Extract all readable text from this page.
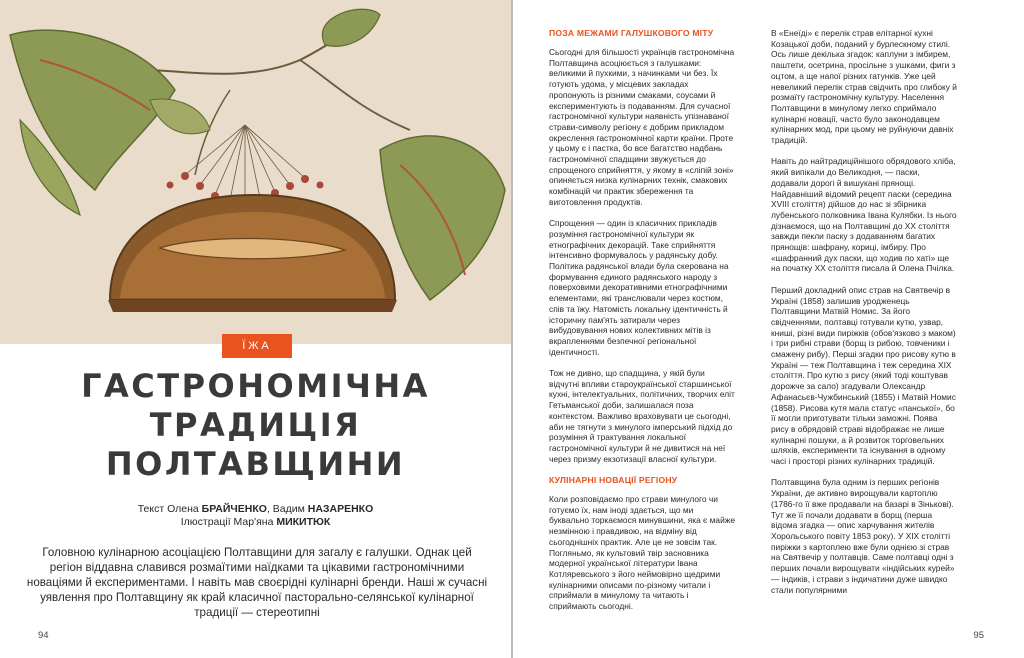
ЇЖА
ГАСТРОНОМІЧНА
ТРАДИЦІЯ
ПОЛТАВЩИНИ
Текст Олена БРАЙЧЕНКО, Вадим НАЗАРЕНКО
Ілюстрації Мар'яна МИКИТЮК

Головною кулінарною асоціацією Полтавщини для загалу є галушки. Однак цей регіон віддавна славився розмаїтими наїдками та цікавими гастрономічними новаціями й експериментами. І навіть мав своєрідні кулінарні бренди. Наші ж сучасні уявлення про Полтавщину як край класичної пасторально-селянської кулінарної традиції — стереотипні

94
ПОЗА МЕЖАМИ ГАЛУШКОВОГО МІТУ

Сьогодні для більшості українців гастрономічна Полтавщина асоціюється з галушками: великими й пухкими, з начинками чи без. Їх готують удома, у місцевих закладах пропонують із різними смаками, соусами й експериментують із подаванням. Для сучасної гастрономічної культури наявність упізнаваної страви-символу регіону є добрим прикладом окреслення гастрономічної карти країни. Проте у цьому є і пастка, бо все багатство надбань гастрономічної спадщини звужується до спрощеного сприйняття, у якому в «сліпій зоні» опиняється низка кулінарних технік, смакових комбінацій чи практик збереження та виготовлення продуктів.

Спрощення — один із класичних прикладів розуміння гастрономічної культури як етнографічних декорацій. Таке сприйняття інтенсивно формувалось у радянську добу. Політика радянської влади була скерована на формування єдиного радянського народу з поверховими декоративними етнографічними елементами, які транслювали через костюм, спів та їжу. Натомість локальну ідентичність й історичну пам'ять затирали через вибудовування нових колективних мітів із вкрапленнями безпечної регіональної ідентичності.

Тож не дивно, що спадщина, у якій були відчутні впливи староукраїнської старшинської кухні, інтелектуальних, політичних, творчих еліт Гетьманської доби, залишалася поза контекстом. Важливо враховувати це сьогодні, аби не тягнути з минулого імперський підхід до розуміння й трактування локальної гастрономічної культури й не дивитися на неї через призму екзотизації власної культури.

КУЛІНАРНІ НОВАЦІЇ РЕГІОНУ

Коли розповідаємо про страви минулого чи готуємо їх, нам іноді здається, що ми буквально торкаємося минувшини, яка є майже незмінною і правдивою, на відміну від сьогоднішніх практик. Але це не зовсім так. Погляньмо, як культовий твір засновника модерної української літератури Івана Котляревського з його неймовірно щедрими кулінарними описами по-різному читали і сприймали в минулому та читають і сприймають сьогодні.

В «Енеїді» є перелік страв елітарної кухні Козацької доби, поданий у бурлескному стилі. Ось лише декілька згадок: каплуни з імбирем, паштети, осетрина, просільне з ушками, фиги з оцтом, а ще напої різних гатунків. Уже цей невеликий перелік страв свідчить про глибоку й розмаїту гастрономічну культуру. Населення Полтавщини в минулому легко сприймало кулінарні новації, часто було законодавцем кулінарних мод, при цьому не руйнуючи давніх традицій.

Навіть до найтрадиційнішого обрядового хліба, який випікали до Великодня, — паски, додавали дорогі й вишукані прянощі. Найдавніший відомий рецепт паски (середина XVIII століття) дійшов до нас зі збірника лубенського полковника Івана Кулябки. Із нього дізнаємося, що на Полтавщині до XX століття завжди пекли паску з додаванням багатих прянощів: шафрану, кориці, імбиру. Про «шафранний дух паски, що ходив по хаті» ще на початку XX століття писала й Олена Пчілка.

Перший докладний опис страв на Святвечір в Україні (1858) залишив уродженець Полтавщини Матвій Номис. За його свідченнями, полтавці готували кутю, узвар, книші, різні види пиріжків (обов'язково з маком) і три рибні страви (борщ із рибою, товченики і смажену рибу). Перші згадки про рисову кутю в Україні — теж Полтавщина і теж середина XIX століття. Про кутю з рису (який тоді коштував дорожче за сало) згадували Олександр Афанасьєв-Чужбинський (1855) і Матвій Номис (1858). Рисова кутя мала статус «панської», бо її могли приготувати тільки заможні. Поява рису в обрядовій страві відображає не лише кулінарні пошуки, а й розвиток торговельних шляхів, експерименти та існування в одному часі і просторі різних кулінарних традицій.

Полтавщина була одним із перших регіонів України, де активно вирощували картоплю (1786-го її вже продавали на базарі в Зінькові). Тут же її почали додавати в борщ (перша відома згадка — опис харчування жителів Хорольського повіту 1853 року). У XIX столітті пиріжки з картоплею вже були однією зі страв на Святвечір у полтавців. Саме полтавці одні з перших почали вирощувати «індійських курей» — індиків, і страви з індичатини дуже швидко стали популярними

95
